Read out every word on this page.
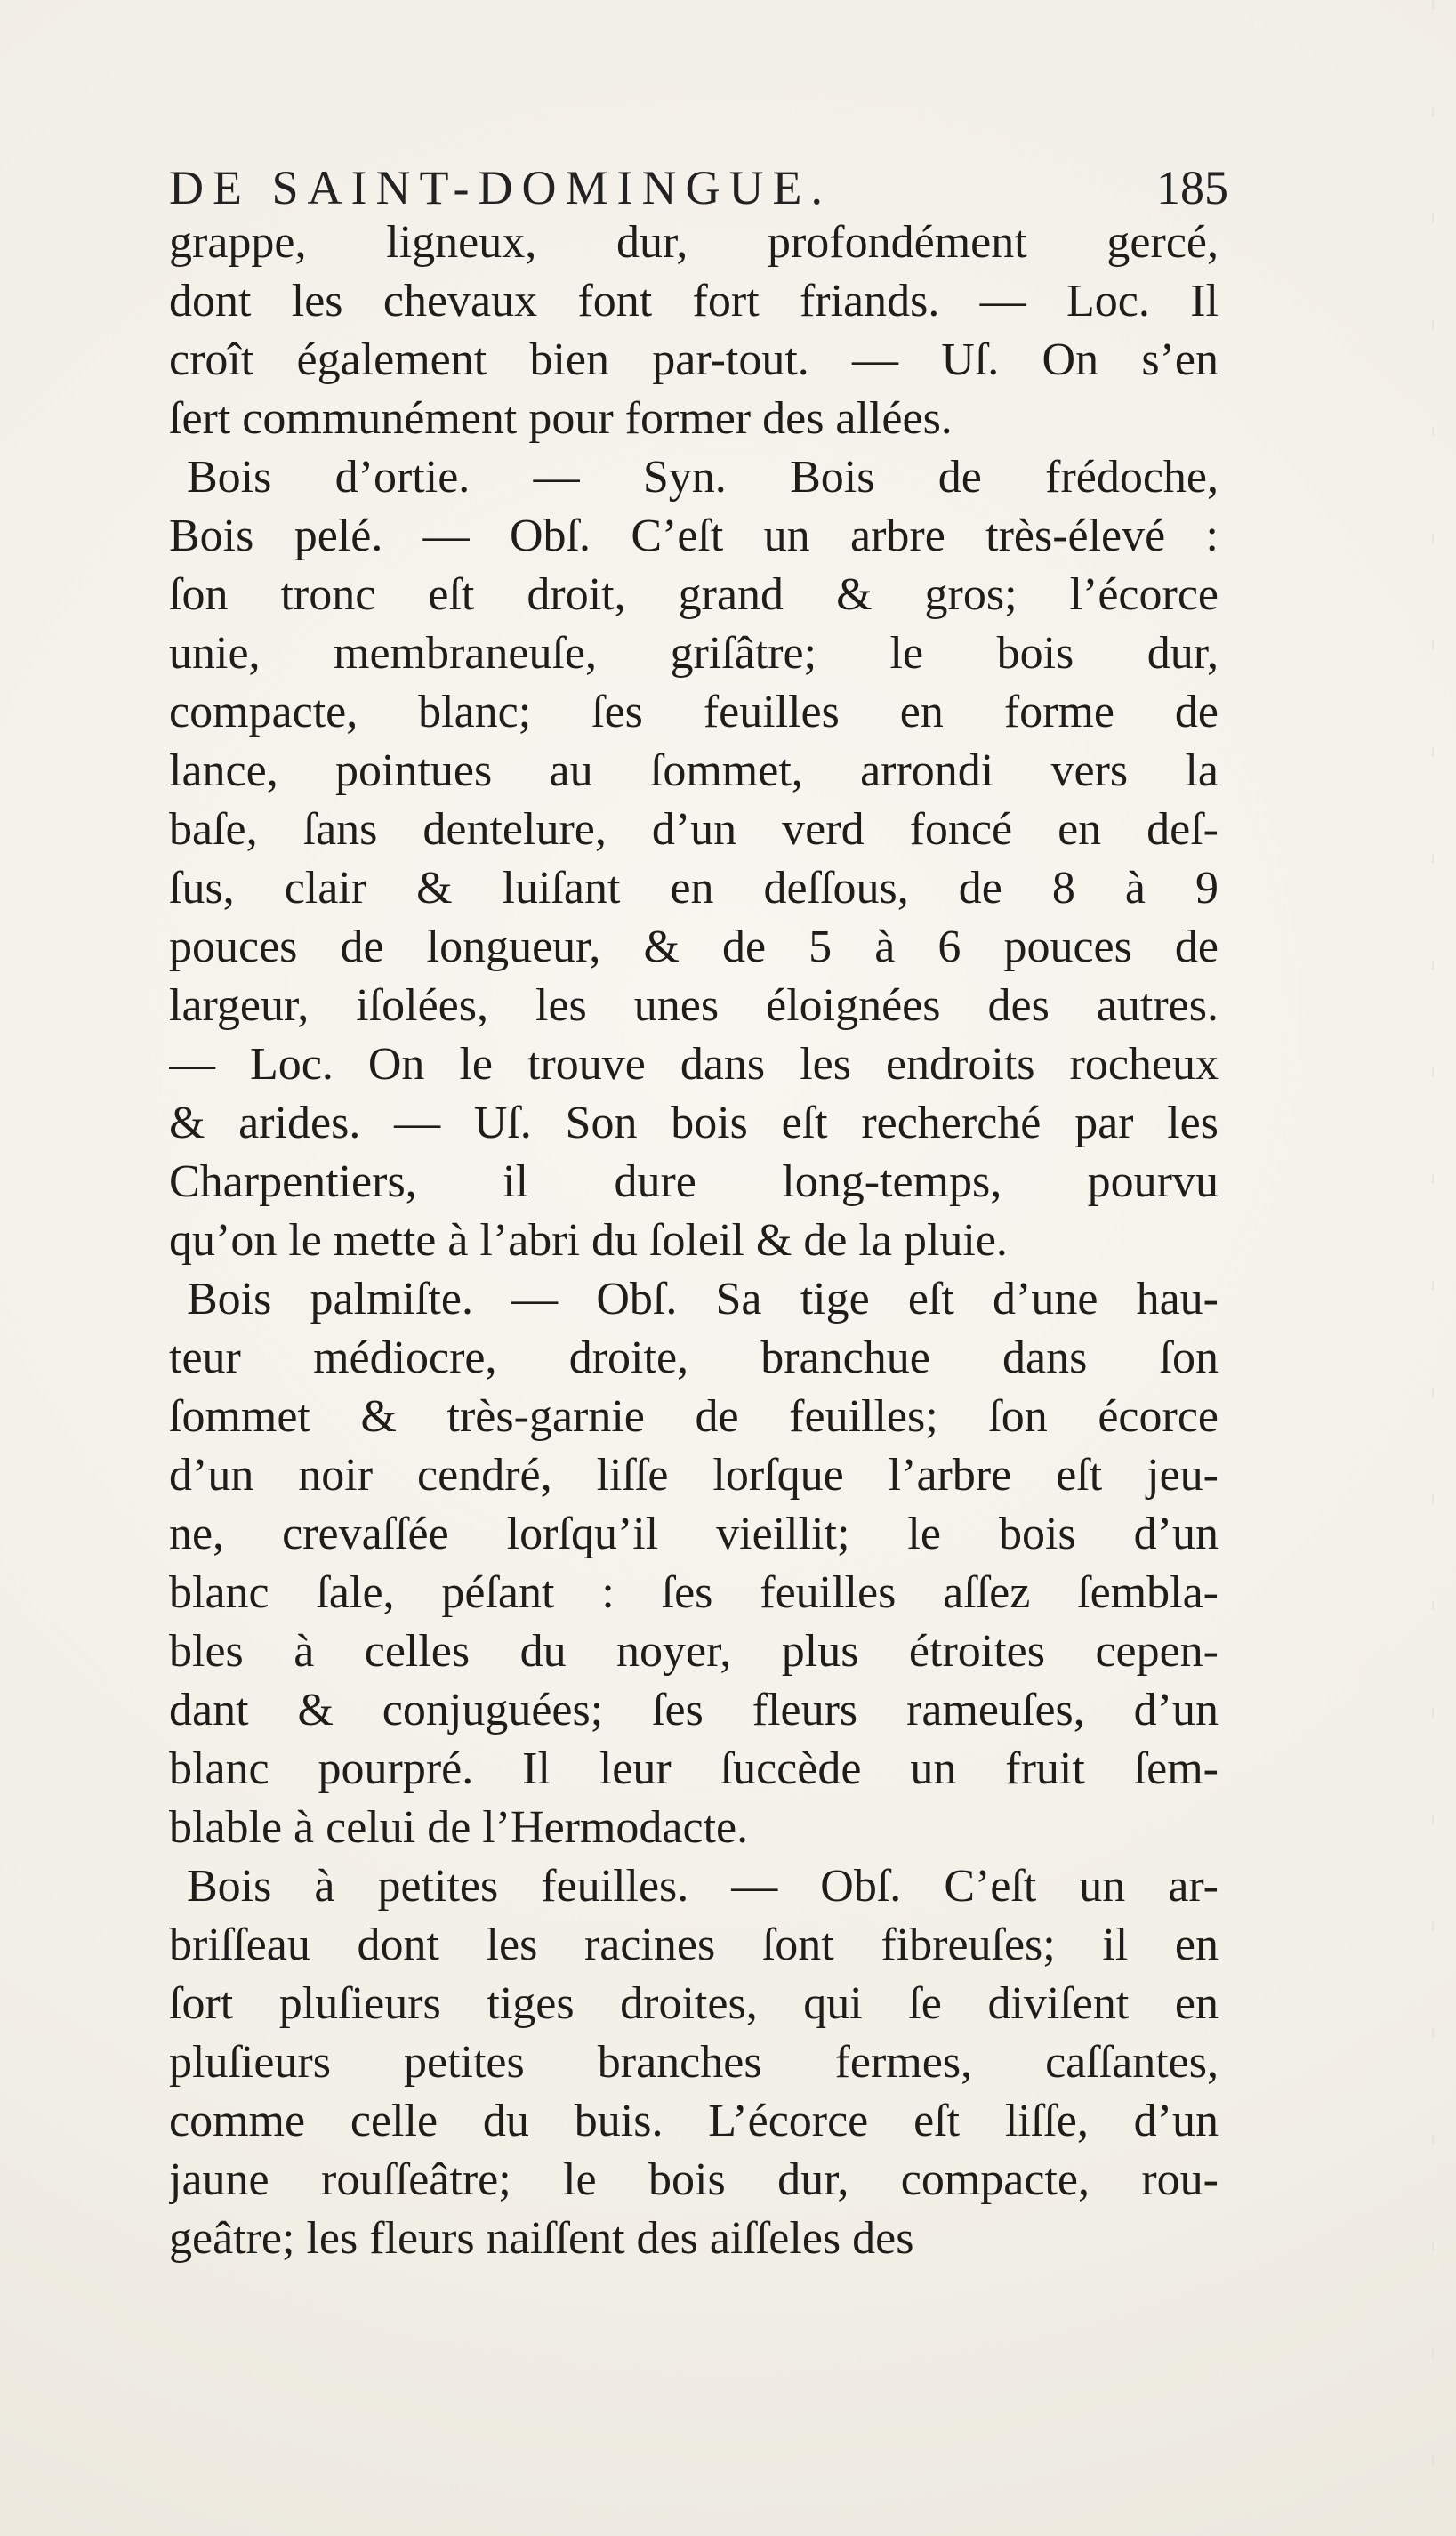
DE SAINT-DOMINGUE.	185
grappe, ligneux, dur, profondément gercé,
dont les chevaux font fort friands. — Loc. Il
croît également bien par-tout. — Uſ. On s’en
ſert communément pour former des allées.
Bois d’ortie. — Syn. Bois de frédoche,
Bois pelé. — Obſ. C’eſt un arbre très-élevé :
ſon tronc eſt droit, grand & gros; l’écorce
unie, membraneuſe, griſâtre; le bois dur,
compacte, blanc; ſes feuilles en forme de
lance, pointues au ſommet, arrondi vers la
baſe, ſans dentelure, d’un verd foncé en deſ-
ſus, clair & luiſant en deſſous, de 8 à 9
pouces de longueur, & de 5 à 6 pouces de
largeur, iſolées, les unes éloignées des autres.
— Loc. On le trouve dans les endroits rocheux
& arides. — Uſ. Son bois eſt recherché par les
Charpentiers, il dure long-temps, pourvu
qu’on le mette à l’abri du ſoleil & de la pluie.
Bois palmiſte. — Obſ. Sa tige eſt d’une hau-
teur médiocre, droite, branchue dans ſon
ſommet & très-garnie de feuilles; ſon écorce
d’un noir cendré, liſſe lorſque l’arbre eſt jeu-
ne, crevaſſée lorſqu’il vieillit; le bois d’un
blanc ſale, péſant : ſes feuilles aſſez ſembla-
bles à celles du noyer, plus étroites cepen-
dant & conjuguées; ſes fleurs rameuſes, d’un
blanc pourpré. Il leur ſuccède un fruit ſem-
blable à celui de l’Hermodacte.
Bois à petites feuilles. — Obſ. C’eſt un ar-
briſſeau dont les racines ſont fibreuſes; il en
ſort pluſieurs tiges droites, qui ſe diviſent en
pluſieurs petites branches fermes, caſſantes,
comme celle du buis. L’écorce eſt liſſe, d’un
jaune rouſſeâtre; le bois dur, compacte, rou-
geâtre; les fleurs naiſſent des aiſſeles des
